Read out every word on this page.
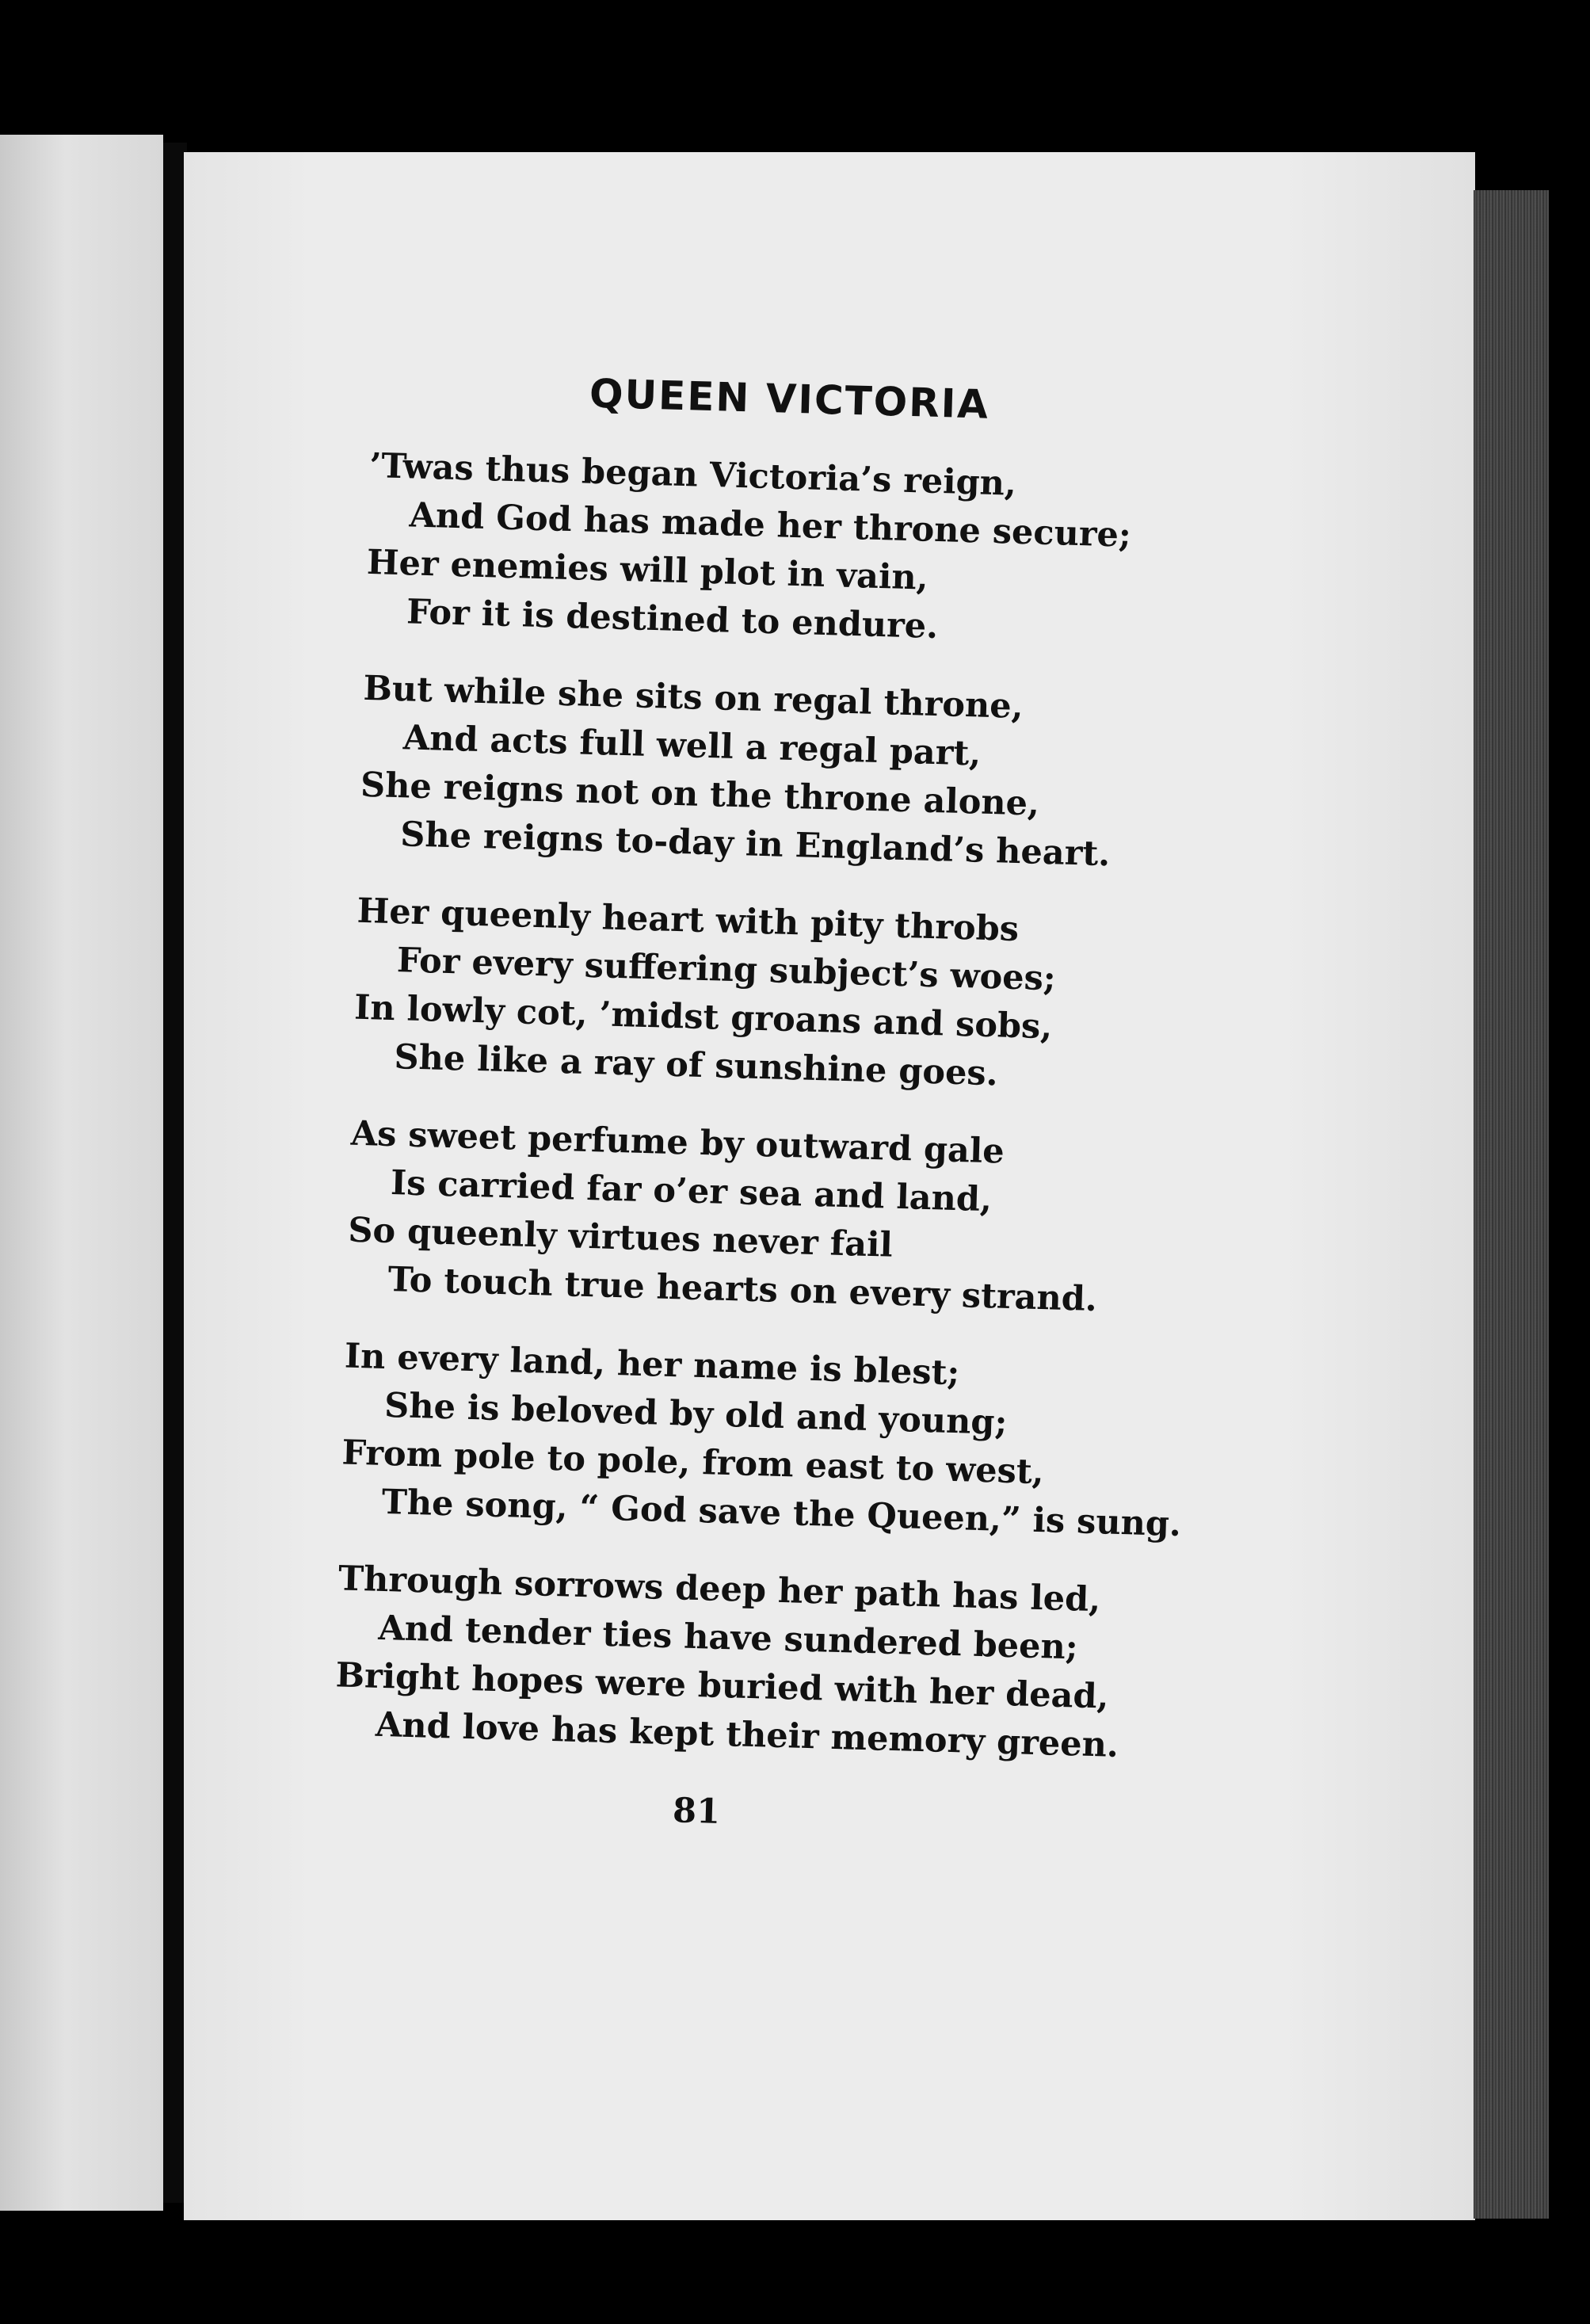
QUEEN VICTORIA
’Twas thus began Victoria’s reign,
And God has made her throne secure;
Her enemies will plot in vain,
For it is destined to endure.
But while she sits on regal throne,
And acts full well a regal part,
She reigns not on the throne alone,
She reigns to-day in England’s heart.
Her queenly heart with pity throbs
For every suffering subject’s woes;
In lowly cot, ’midst groans and sobs,
She like a ray of sunshine goes.
As sweet perfume by outward gale
Is carried far o’er sea and land,
So queenly virtues never fail
To touch true hearts on every strand.
In every land, her name is blest;
She is beloved by old and young;
From pole to pole, from east to west,
The song, “ God save the Queen,” is sung.
Through sorrows deep her path has led,
And tender ties have sundered been;
Bright hopes were buried with her dead,
And love has kept their memory green.
81
